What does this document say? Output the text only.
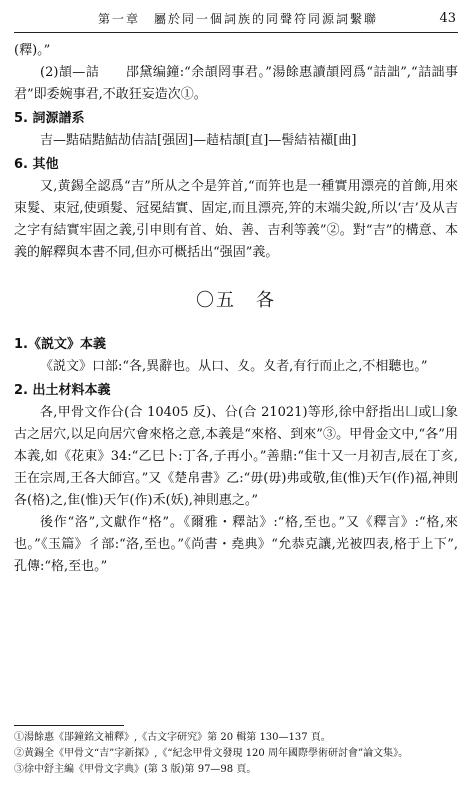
第一章　屬於同一個詞族的同聲符同源詞繫聯	43

(釋)。”

(2)頡—詰　　郘黛编鐘:“余頡罔事君。”湯餘惠讀頡罔爲“詰詘”,“詰詘事君”即委婉事君,不敢狂妄造次①。

5. 詞源譜系

吉—黠硈黠鮚劼佶詰[强固]—趌桔頡[直]—髻結袺襭[曲]

6. 其他

又,黄錫全認爲“吉”所从之仐是笄首,“而笄也是一種實用漂亮的首飾,用來束髮、束冠,使頭髮、冠冕結實、固定,而且漂亮,笄的末端尖銳,所以‘吉’及从吉之字有結實牢固之義,引申則有首、始、善、吉利等義”②。對“吉”的構意、本義的解釋與本書不同,但亦可概括出“强固”義。

〇五　各

1.《説文》本義

《説文》口部:“各,異辭也。从口、夊。夊者,有行而止之,不相聽也。”

2. 出土材料本義

各,甲骨文作㕣(合 10405 反)、㕣(合 21021)等形,徐中舒指出凵或凵象古之居穴,以足向居穴會來格之意,本義是“來格、到來”③。甲骨金文中,“各”用本義,如《花東》34:“乙巳卜:丁各,子再小。”善鼎:“隹十又一月初吉,辰在丁亥,王在宗周,王各大師宫。”又《楚帛書》乙:“毋(毋)弗或敬,隹(惟)天乍(作)福,神則各(格)之,隹(惟)天乍(作)禾(妖),神則惠之。”

後作“洛”,文獻作“格”。《爾雅・釋詁》:“格,至也。”又《釋言》:“格,來也。”《玉篇》彳部:“洛,至也。”《尚書・堯典》“允恭克讓,光被四表,格于上下”,孔傳:“格,至也。”

①湯餘惠《郘鐘銘文補釋》,《古文字研究》第 20 輯第 130—137 頁。

②黄錫全《甲骨文“吉”字新探》,《“紀念甲骨文發現 120 周年國際學術研討會”論文集》。

③徐中舒主編《甲骨文字典》(第 3 版)第 97—98 頁。
